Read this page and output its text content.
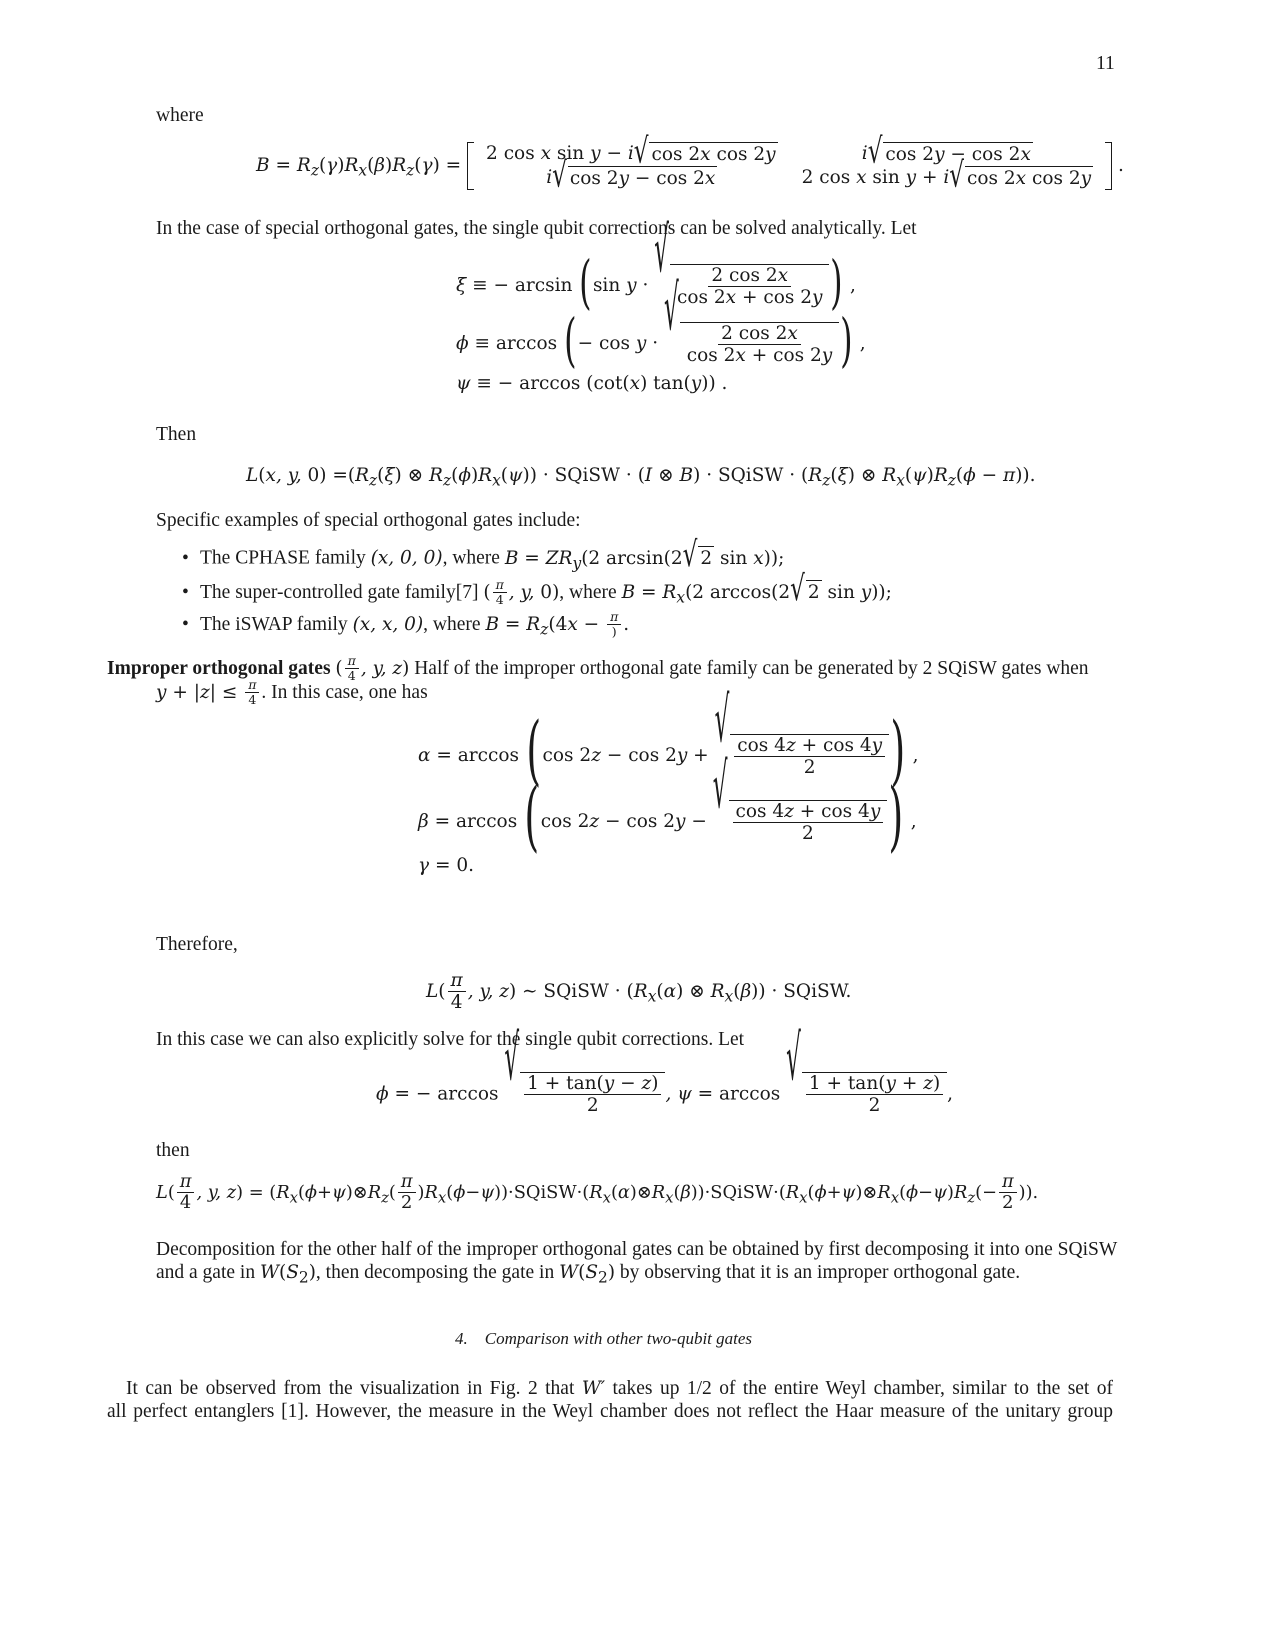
11
where
$B = R_z(\gamma)R_x(\beta)R_z(\gamma)$ =
2 cos x sin y − i √ cos 2x cos 2y	i √ cos 2y − cos 2x

i √ cos 2y − cos 2x	2 cos x sin y + i √ cos 2x cos 2y
.
In the case of special orthogonal gates, the single qubit corrections can be solved analytically. Let
ξ ≡ − arcsin (sin y · √ $\frac{2 \cos 2x}{\cos 2x + \cos 2y}$ ) ,
ϕ ≡ arccos (− cos y · √ $\frac{2 \cos 2x}{\cos 2x + \cos 2y}$ ) ,
ψ ≡ − arccos (cot(x) tan(y)) .
Then
L(x, y, $0) =(R_z(\xi)$ ⊗ $R_z(\phi)R_x(\psi)$) · SQiSW · (I ⊗ B) · SQiSW · ($R_z(\xi)$ ⊗ $R_x(\psi)R_z(\phi - \pi)$).
Specific examples of special orthogonal gates include:
• The CPHASE family (x, 0, 0), where $B = ZR_y(2$ arcsin(2 √ 2 sin x));
• The super-controlled gate family[7] ( $\frac{\pi}{4}$ , y, 0), where $B = R_x(2$ arccos(2 √ 2 sin y));
• The iSWAP family (x, x, 0), where $B = R_z(4x - \frac{\pi}{)}$ .
Improper orthogonal gates ( $\frac{\pi}{4}$ , y, z) Half of the improper orthogonal gate family can be generated by 2 SQiSW gates when
$y + |z| \le \frac{\pi}{4}$ . In this case, one has
α = arccos (cos 2z − cos 2y + √ $\frac{\cos 4z + \cos 4y}{2}$ ) ,
β = arccos (cos 2z − cos 2y − √ $\frac{\cos 4z + \cos 4y}{2}$ ) ,
γ = 0.
Therefore,
$L( \frac{\pi}{4}$ , y, z) ∼ SQiSW · ($R_x(\alpha)$ ⊗ $R_x(\beta)$) · SQiSW.
In this case we can also explicitly solve for the single qubit corrections. Let
ϕ = − arccos √ $\frac{1 + \tan(y - z)}{2}$ , ψ = arccos √ $\frac{1 + \tan(y + z)}{2}$ ,
then
$L( \frac{\pi}{4}$ , y, $z) = (R_x(\phi+\psi)\otimes R_z( \frac{\pi}{2}$ )$R_x(\phi-\psi))\cdot SQiSW\cdot(R_x(\alpha)\otimes R_x(\beta))\cdot SQiSW\cdot(R_x(\phi+\psi)\otimes R_x(\phi-\psi)R_z(- \frac{\pi}{2}$ )).
Decomposition for the other half of the improper orthogonal gates can be obtained by first decomposing it into one SQiSW
and a gate in $W(S_2)$, then decomposing the gate in $W(S_2)$ by observing that it is an improper orthogonal gate.
4. Comparison with other two-qubit gates
It can be observed from the visualization in Fig. 2 that W′ takes up 1/2 of the entire Weyl chamber, similar to the set of
all perfect entanglers [1]. However, the measure in the Weyl chamber does not reflect the Haar measure of the unitary group
